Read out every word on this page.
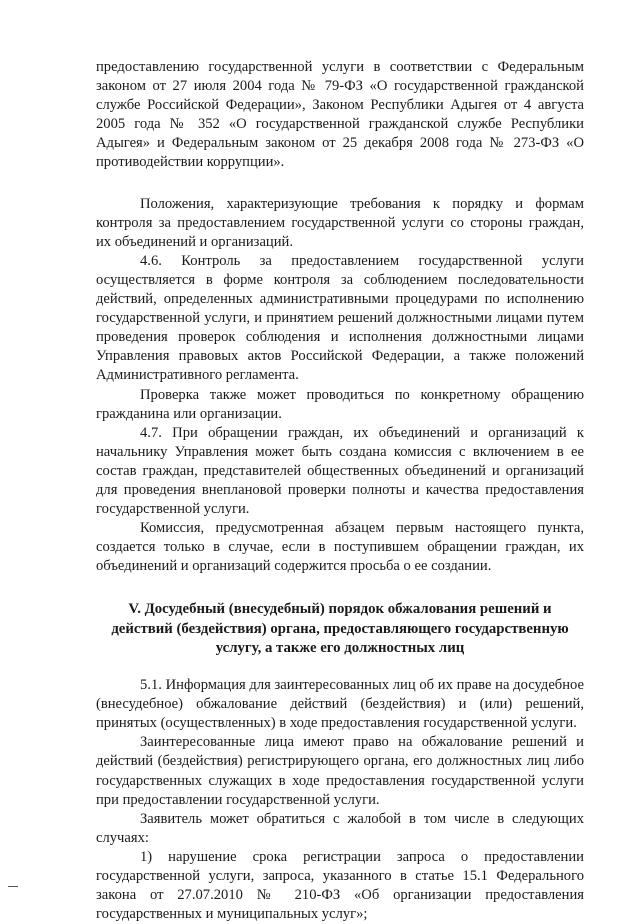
предоставлению государственной услуги в соответствии с Федеральным законом от 27 июля 2004 года № 79-ФЗ «О государственной гражданской службе Российской Федерации», Законом Республики Адыгея от 4 августа 2005 года № 352 «О государственной гражданской службе Республики Адыгея» и Федеральным законом от 25 декабря 2008 года № 273-ФЗ «О противодействии коррупции».

Положения, характеризующие требования к порядку и формам контроля за предоставлением государственной услуги со стороны граждан, их объединений и организаций.

4.6. Контроль за предоставлением государственной услуги осуществляется в форме контроля за соблюдением последовательности действий, определенных административными процедурами по исполнению государственной услуги, и принятием решений должностными лицами путем проведения проверок соблюдения и исполнения должностными лицами Управления правовых актов Российской Федерации, а также положений Административного регламента.

Проверка также может проводиться по конкретному обращению гражданина или организации.

4.7. При обращении граждан, их объединений и организаций к начальнику Управления может быть создана комиссия с включением в ее состав граждан, представителей общественных объединений и организаций для проведения внеплановой проверки полноты и качества предоставления государственной услуги.

Комиссия, предусмотренная абзацем первым настоящего пункта, создается только в случае, если в поступившем обращении граждан, их объединений и организаций содержится просьба о ее создании.

V. Досудебный (внесудебный) порядок обжалования решений и действий (бездействия) органа, предоставляющего государственную услугу, а также его должностных лиц

5.1. Информация для заинтересованных лиц об их праве на досудебное (внесудебное) обжалование действий (бездействия) и (или) решений, принятых (осуществленных) в ходе предоставления государственной услуги.

Заинтересованные лица имеют право на обжалование решений и действий (бездействия) регистрирующего органа, его должностных лиц либо государственных служащих в ходе предоставления государственной услуги при предоставлении государственной услуги.

Заявитель может обратиться с жалобой в том числе в следующих случаях:

1) нарушение срока регистрации запроса о предоставлении государственной услуги, запроса, указанного в статье 15.1 Федерального закона от 27.07.2010 № 210-ФЗ «Об организации предоставления государственных и муниципальных услуг»;
